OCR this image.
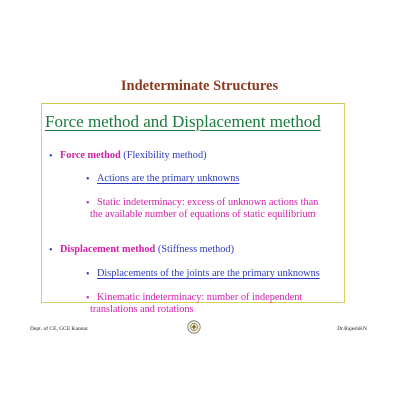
Indeterminate Structures
Force method and Displacement method
• Force method (Flexibility method)
• Actions are the primary unknowns
• Static indeterminacy: excess of unknown actions than
the available number of equations of static equilibrium
• Displacement method (Stiffness method)
• Displacements of the joints are the primary unknowns
• Kinematic indeterminacy: number of independent
translations and rotations
Dept. of CE, GCE Kannur	Dr.RajeshKN
